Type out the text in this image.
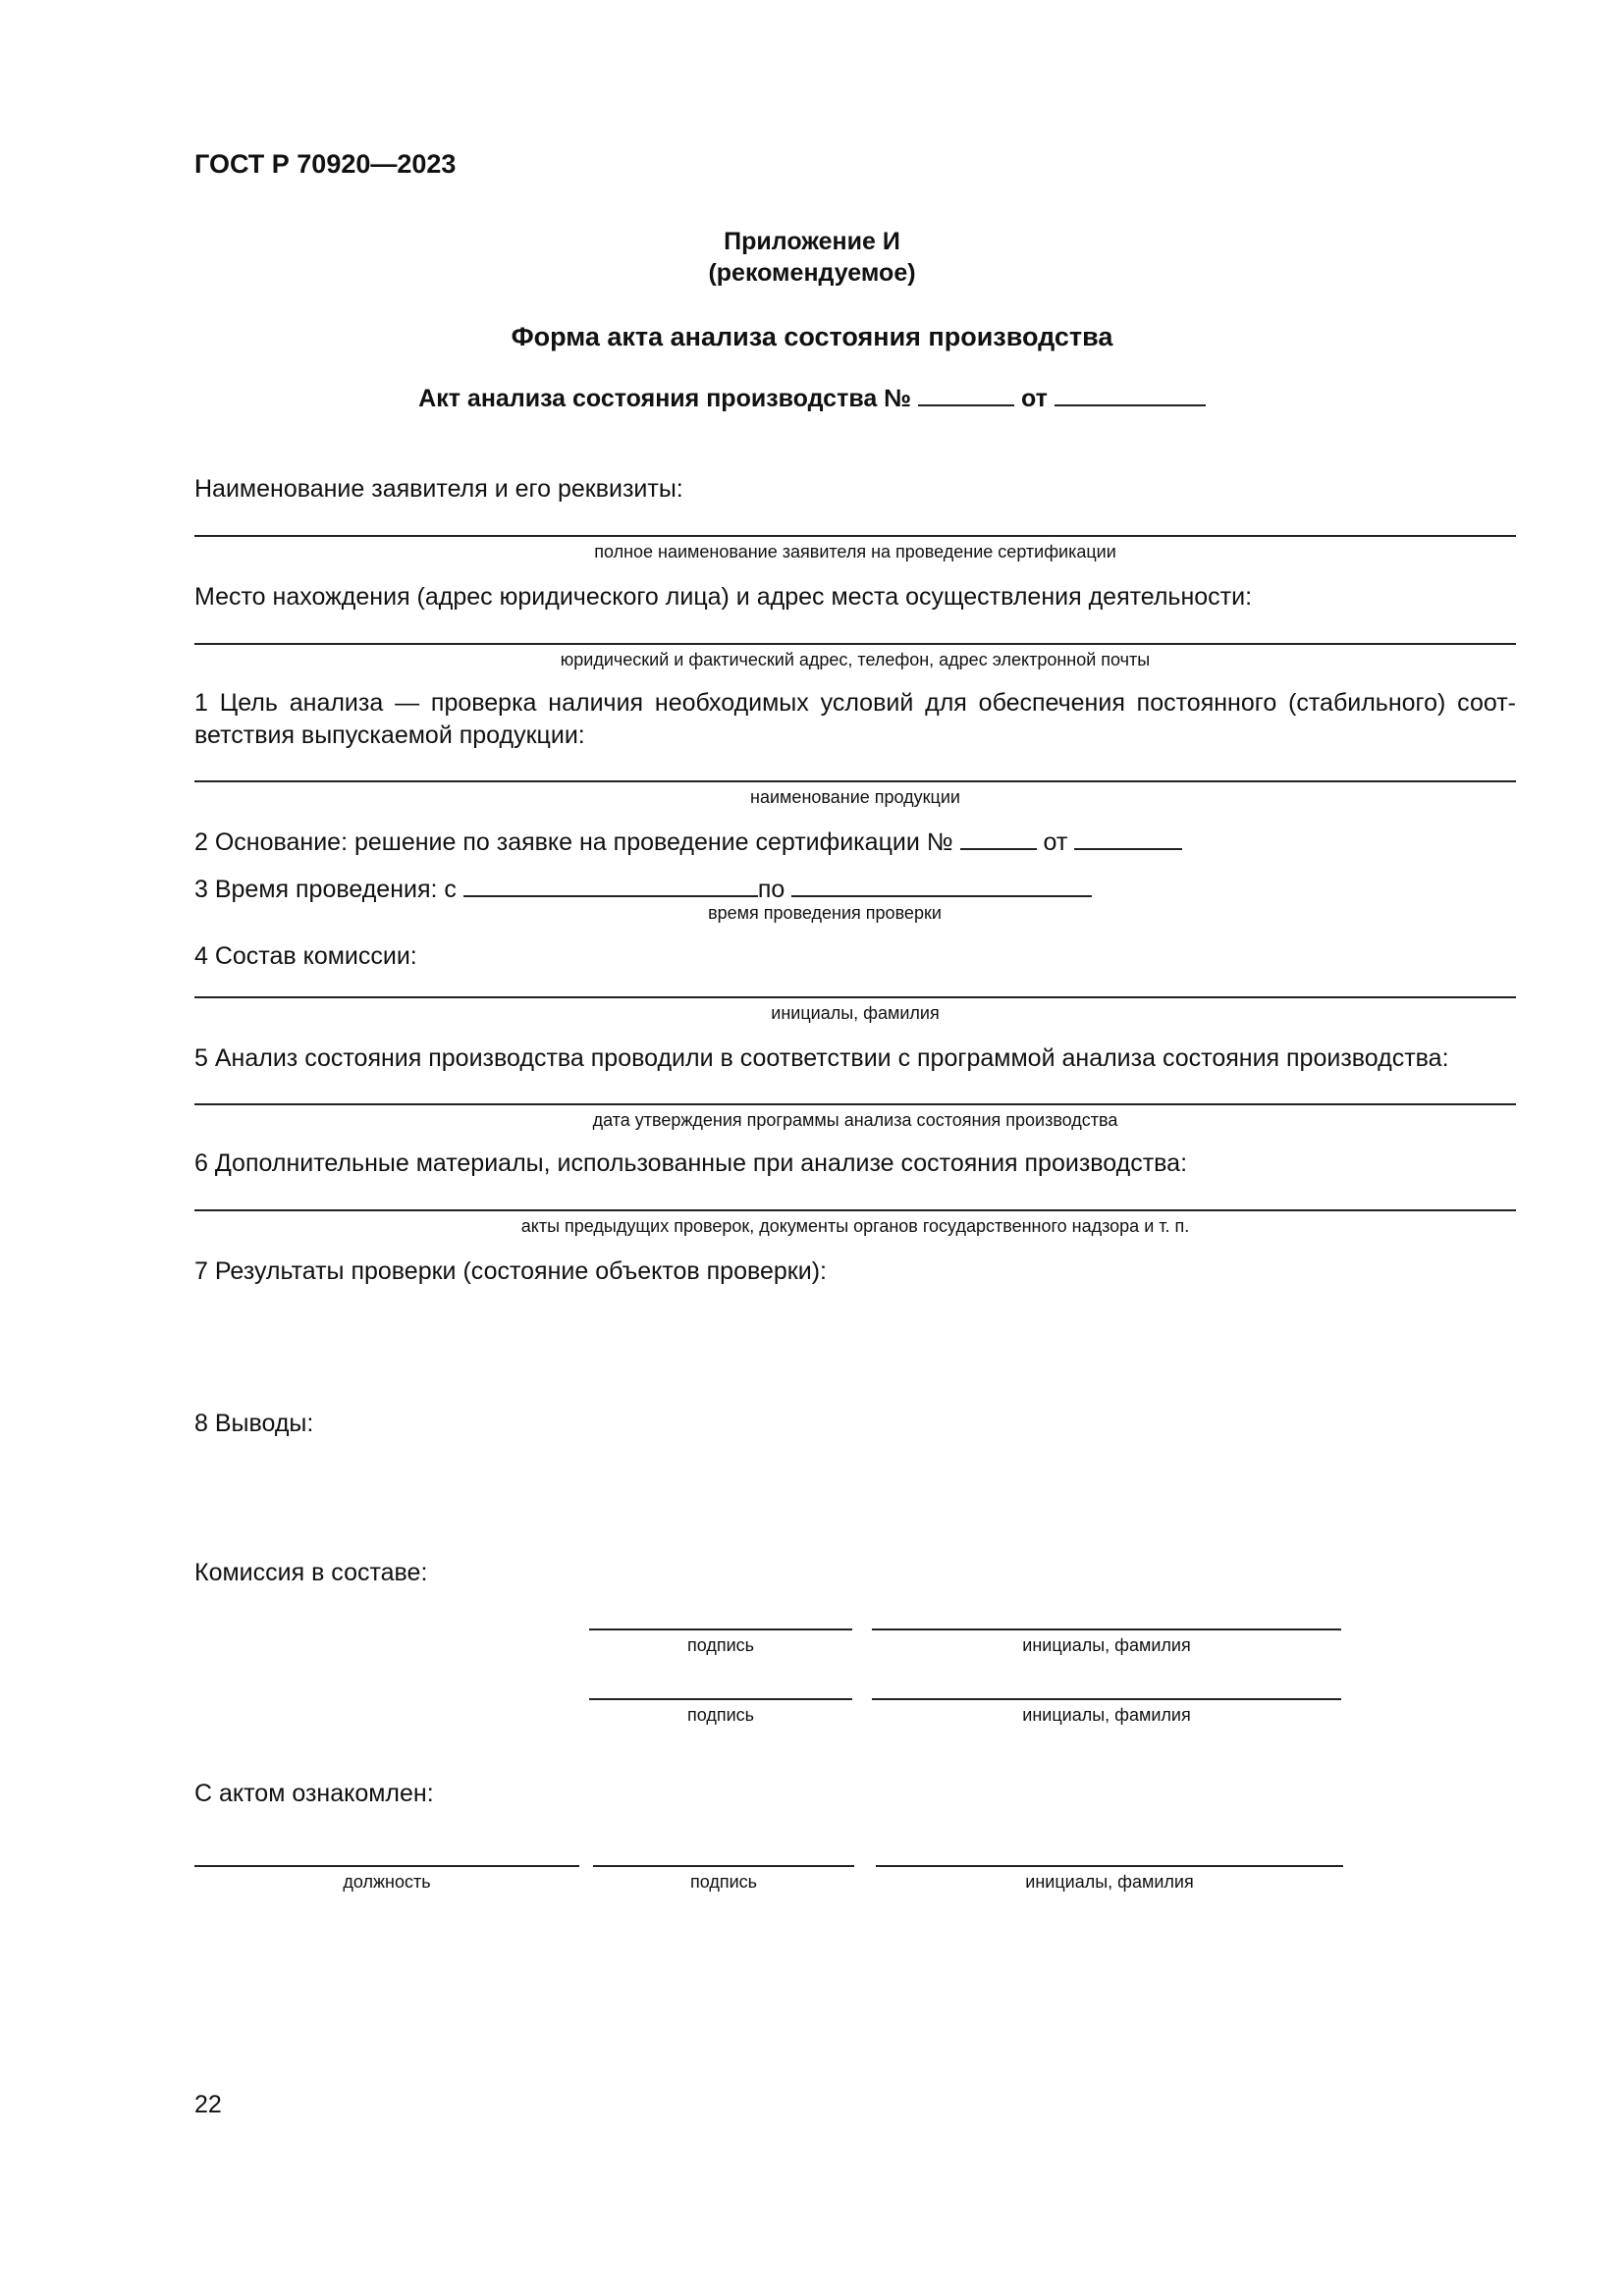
ГОСТ Р 70920—2023
Приложение И
(рекомендуемое)
Форма акта анализа состояния производства
Акт анализа состояния производства №	от
Наименование заявителя и его реквизиты:
полное наименование заявителя на проведение сертификации
Место нахождения (адрес юридического лица) и адрес места осуществления деятельности:
юридический и фактический адрес, телефон, адрес электронной почты
1 Цель анализа — проверка наличия необходимых условий для обеспечения постоянного (стабильного) соответствия выпускаемой продукции:
наименование продукции
2 Основание: решение по заявке на проведение сертификации №	от
3 Время проведения: с	по
время проведения проверки
4 Состав комиссии:
инициалы, фамилия
5 Анализ состояния производства проводили в соответствии с программой анализа состояния производства:
дата утверждения программы анализа состояния производства
6 Дополнительные материалы, использованные при анализе состояния производства:
акты предыдущих проверок, документы органов государственного надзора и т. п.
7 Результаты проверки (состояние объектов проверки):
8 Выводы:
Комиссия в составе:
подпись	инициалы, фамилия
подпись	инициалы, фамилия
С актом ознакомлен:
должность	подпись	инициалы, фамилия
22
